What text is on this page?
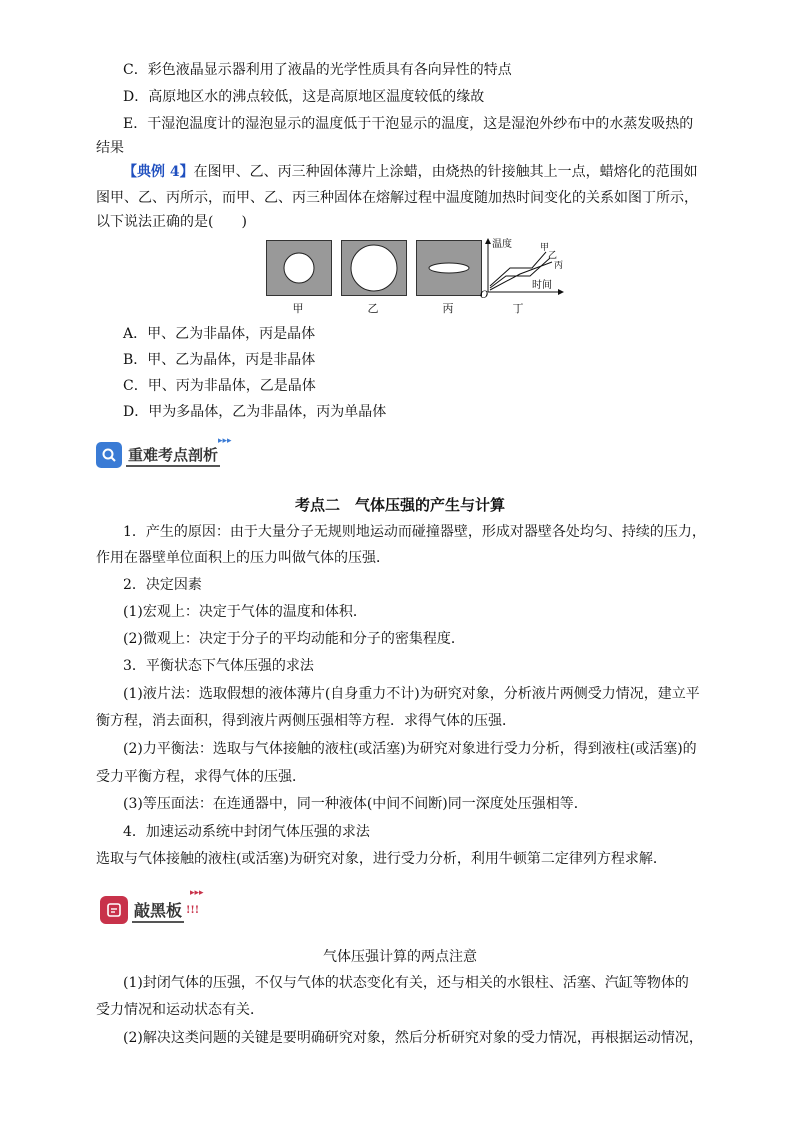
C．彩色液晶显示器利用了液晶的光学性质具有各向异性的特点
D．高原地区水的沸点较低，这是高原地区温度较低的缘故
E．干湿泡温度计的湿泡显示的温度低于干泡显示的温度，这是湿泡外纱布中的水蒸发吸热的
结果
【典例 4】在图甲、乙、丙三种固体薄片上涂蜡，由烧热的针接触其上一点，蜡熔化的范围如
图甲、乙、丙所示，而甲、乙、丙三种固体在熔解过程中温度随加热时间变化的关系如图丁所示，
以下说法正确的是(　　)
温度
时间
O
甲
乙
丙
甲	乙	丙	丁
A．甲、乙为非晶体，丙是晶体
B．甲、乙为晶体，丙是非晶体
C．甲、丙为非晶体，乙是晶体
D．甲为多晶体，乙为非晶体，丙为单晶体
重难考点剖析
▸▸▸
考点二　气体压强的产生与计算
1．产生的原因：由于大量分子无规则地运动而碰撞器壁，形成对器壁各处均匀、持续的压力，
作用在器壁单位面积上的压力叫做气体的压强．
2．决定因素
(1)宏观上：决定于气体的温度和体积．
(2)微观上：决定于分子的平均动能和分子的密集程度．
3．平衡状态下气体压强的求法
(1)液片法：选取假想的液体薄片(自身重力不计)为研究对象，分析液片两侧受力情况，建立平
衡方程，消去面积，得到液片两侧压强相等方程．求得气体的压强．
(2)力平衡法：选取与气体接触的液柱(或活塞)为研究对象进行受力分析，得到液柱(或活塞)的
受力平衡方程，求得气体的压强．
(3)等压面法：在连通器中，同一种液体(中间不间断)同一深度处压强相等．
4．加速运动系统中封闭气体压强的求法
选取与气体接触的液柱(或活塞)为研究对象，进行受力分析，利用牛顿第二定律列方程求解．
敲黑板 !!!
▸▸▸
气体压强计算的两点注意
(1)封闭气体的压强，不仅与气体的状态变化有关，还与相关的水银柱、活塞、汽缸等物体的
受力情况和运动状态有关．
(2)解决这类问题的关键是要明确研究对象，然后分析研究对象的受力情况，再根据运动情况，
